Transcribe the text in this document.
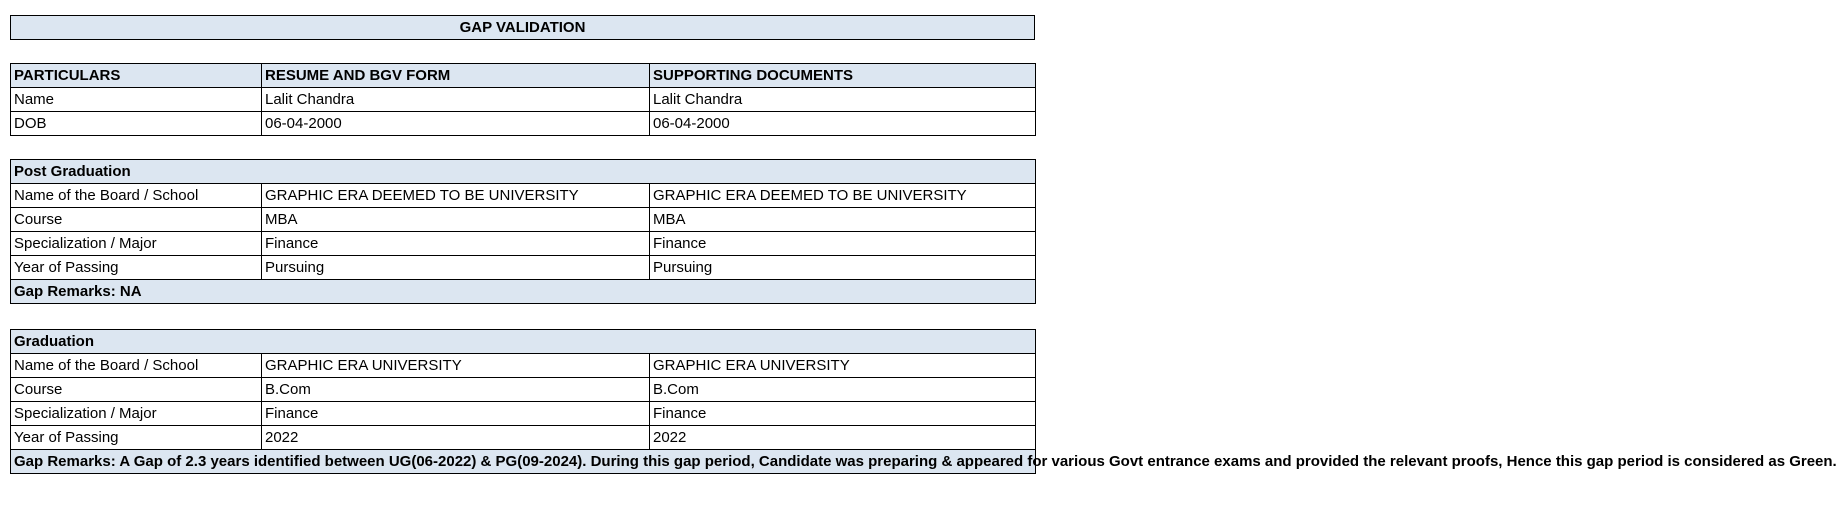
GAP VALIDATION
PARTICULARS	RESUME AND BGV FORM	SUPPORTING DOCUMENTS
Name	Lalit Chandra	Lalit Chandra
DOB	06-04-2000	06-04-2000
Post Graduation		
Name of the Board / School	GRAPHIC ERA DEEMED TO BE UNIVERSITY	GRAPHIC ERA DEEMED TO BE UNIVERSITY
Course	MBA	MBA
Specialization / Major	Finance	Finance
Year of Passing	Pursuing	Pursuing
Gap Remarks: NA		
Graduation		
Name of the Board / School	GRAPHIC ERA UNIVERSITY	GRAPHIC ERA UNIVERSITY
Course	B.Com	B.Com
Specialization / Major	Finance	Finance
Year of Passing	2022	2022
Gap Remarks: A Gap of 2.3 years identified between UG(06-2022) & PG(09-2024). During this gap period, Candidate was preparing & appeared for various Govt entrance exams and provided the relevant proofs, Hence this gap period is considered as Green.		
